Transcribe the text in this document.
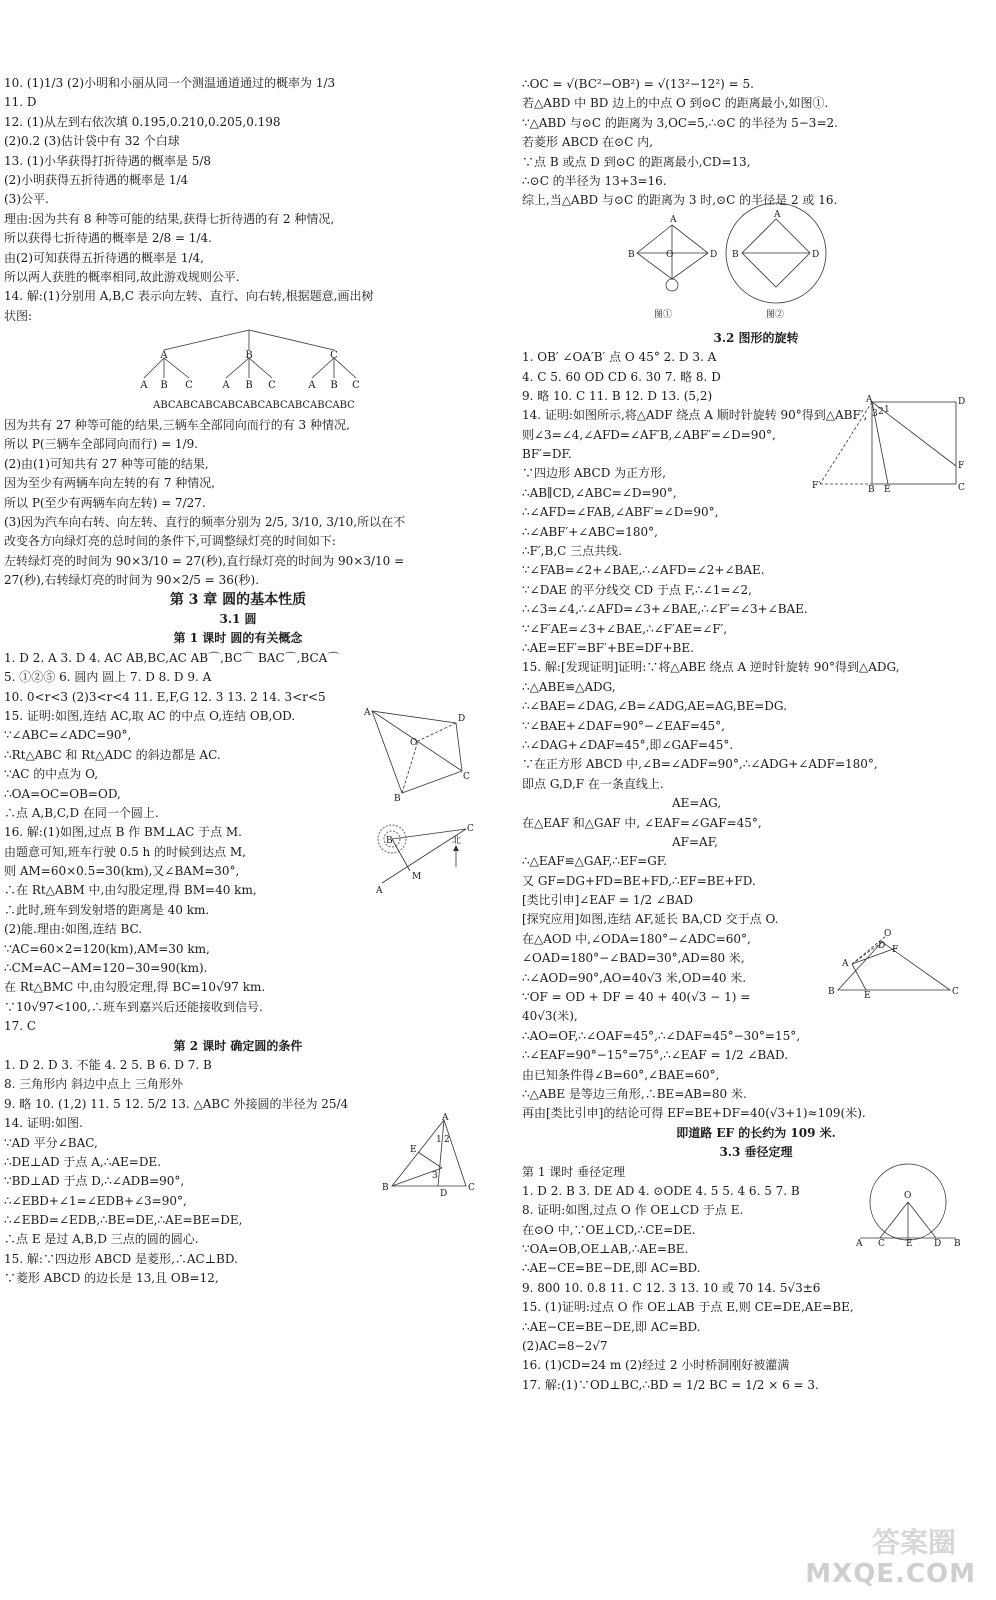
10. (1)1/3 (2)小明和小丽从同一个测温通道通过的概率为 1/3
11. D
12. (1)从左到右依次填 0.195,0.210,0.205,0.198
(2)0.2 (3)估计袋中有 32 个白球
13. (1)小华获得打折待遇的概率是 5/8
(2)小明获得五折待遇的概率是 1/4
(3)公平.
理由:因为共有 8 种等可能的结果,获得七折待遇的有 2 种情况,
所以获得七折待遇的概率是 2/8 = 1/4.
由(2)可知获得五折待遇的概率是 1/4,
所以两人获胜的概率相同,故此游戏规则公平.
14. 解:(1)分别用 A,B,C 表示向左转、直行、向右转,根据题意,画出树
状图:
A	B	C
A B C	A B C	A B C
ABCABCABCABCABCABCABCABCABC
因为共有 27 种等可能的结果,三辆车全部同向而行的有 3 种情况,
所以 P(三辆车全部同向而行) = 1/9.
(2)由(1)可知共有 27 种等可能的结果,
因为至少有两辆车向左转的有 7 种情况,
所以 P(至少有两辆车向左转) = 7/27.
(3)因为汽车向右转、向左转、直行的频率分别为 2/5, 3/10, 3/10,所以在不
改变各方向绿灯亮的总时间的条件下,可调整绿灯亮的时间如下:
左转绿灯亮的时间为 90×3/10 = 27(秒),直行绿灯亮的时间为 90×3/10 =
27(秒),右转绿灯亮的时间为 90×2/5 = 36(秒).
第 3 章 圆的基本性质
3.1 圆
第 1 课时 圆的有关概念
1. D 2. A 3. D 4. AC AB,BC,AC AB⌒,BC⌒ BAC⌒,BCA⌒
5. ①②⑤ 6. 圆内 圆上 7. D 8. D 9. A
10. 0<r<3 (2)3<r<4 11. E,F,G 12. 3 13. 2 14. 3<r<5
15. 证明:如图,连结 AC,取 AC 的中点 O,连结 OB,OD.
∵∠ABC=∠ADC=90°,
∴Rt△ABC 和 Rt△ADC 的斜边都是 AC.
∵AC 的中点为 O,
∴OA=OC=OB=OD,
∴点 A,B,C,D 在同一个圆上.
A
D
C
B
O
16. 解:(1)如图,过点 B 作 BM⊥AC 于点 M.
由题意可知,班车行驶 0.5 h 的时候到达点 M,
则 AM=60×0.5=30(km),又∠BAM=30°,
∴在 Rt△ABM 中,由勾股定理,得 BM=40 km,
∴此时,班车到发射塔的距离是 40 km.
(2)能.理由:如图,连结 BC.
∵AC=60×2=120(km),AM=30 km,
∴CM=AC−AM=120−30=90(km).
在 Rt△BMC 中,由勾股定理,得 BC=10√97 km.
∵10√97<100,∴班车到嘉兴后还能接收到信号.
B
C
A
M
北
17. C
第 2 课时 确定圆的条件
1. D 2. D 3. 不能 4. 2 5. B 6. D 7. B
8. 三角形内 斜边中点上 三角形外
9. 略 10. (1,2) 11. 5 12. 5/2 13. △ABC 外接圆的半径为 25/4
14. 证明:如图.
∵AD 平分∠BAC,
∴DE⊥AD 于点 A,∴AE=DE.
∵BD⊥AD 于点 D,∴∠ADB=90°,
∴∠EBD+∠1=∠EDB+∠3=90°,
∴∠EBD=∠EDB,∴BE=DE,∴AE=BE=DE,
∴点 E 是过 A,B,D 三点的圆的圆心.
A
B	C
E
D
1 2
3
15. 解:∵四边形 ABCD 是菱形,∴AC⊥BD.
∵菱形 ABCD 的边长是 13,且 OB=12,
∴OC = √(BC²−OB²) = √(13²−12²) = 5.
若△ABD 中 BD 边上的中点 O 到⊙C 的距离最小,如图①.
∵△ABD 与⊙C 的距离为 3,OC=5,∴⊙C 的半径为 5−3=2.
若菱形 ABCD 在⊙C 内,
∵点 B 或点 D 到⊙C 的距离最小,CD=13,
∴⊙C 的半径为 13+3=16.
综上,当△ABD 与⊙C 的距离为 3 时,⊙C 的半径是 2 或 16.
A
B	D
O
A
B	D
图①	图②
3.2 图形的旋转
1. OB′ ∠OA′B′ 点 O 45° 2. D 3. A
4. C 5. 60 OD CD 6. 30 7. 略 8. D
9. 略 10. C 11. B 12. D 13. (5,2)
14. 证明:如图所示,将△ADF 绕点 A 顺时针旋转 90°得到△ABF′,
则∠3=∠4,∠AFD=∠AF′B,∠ABF′=∠D=90°,
BF′=DF.
∵四边形 ABCD 为正方形,
∴AB∥CD,∠ABC=∠D=90°,
∴∠AFD=∠FAB,∠ABF′=∠D=90°,
∴∠ABF′+∠ABC=180°,
∴F′,B,C 三点共线.
A	D
C
B E
F′
F
3 2 1
∵∠FAB=∠2+∠BAE,∴∠AFD=∠2+∠BAE.
∵∠DAE 的平分线交 CD 于点 F,∴∠1=∠2,
∴∠3=∠4,∴∠AFD=∠3+∠BAE,∴∠F′=∠3+∠BAE.
∵∠F′AE=∠3+∠BAE,∴∠F′AE=∠F′,
∴AE=EF′=BF′+BE=DF+BE.
15. 解:[发现证明]证明:∵将△ABE 绕点 A 逆时针旋转 90°得到△ADG,
∴△ABE≌△ADG,
∴∠BAE=∠DAG,∠B=∠ADG,AE=AG,BE=DG.
∵∠BAE+∠DAF=90°−∠EAF=45°,
∴∠DAG+∠DAF=45°,即∠GAF=45°.
∵在正方形 ABCD 中,∠B=∠ADF=90°,∴∠ADG+∠ADF=180°,
即点 G,D,F 在一条直线上.
AE=AG,
在△EAF 和△GAF 中, ∠EAF=∠GAF=45°,
AF=AF,
∴△EAF≌△GAF,∴EF=GF.
又 GF=DG+FD=BE+FD,∴EF=BE+FD.
[类比引申]∠EAF = 1/2 ∠BAD
[探究应用]如图,连结 AF,延长 BA,CD 交于点 O.
在△AOD 中,∠ODA=180°−∠ADC=60°,
∠OAD=180°−∠BAD=30°,AD=80 米,
∴∠AOD=90°,AO=40√3 米,OD=40 米.
∵OF = OD + DF = 40 + 40(√3 − 1) =
40√3(米),
B	C
A
E
O
F
D
∴AO=OF,∴∠OAF=45°,∴∠DAF=45°−30°=15°,
∴∠EAF=90°−15°=75°,∴∠EAF = 1/2 ∠BAD.
由已知条件得∠B=60°,∠BAE=60°,
∴△ABE 是等边三角形,∴BE=AB=80 米.
再由[类比引申]的结论可得 EF=BE+DF=40(√3+1)≈109(米).
即道路 EF 的长约为 109 米.
3.3 垂径定理
第 1 课时 垂径定理
1. D 2. B 3. DE AD 4. ⊙ODE 4. 5 5. 4 6. 5 7. B
8. 证明:如图,过点 O 作 OE⊥CD 于点 E.
在⊙O 中,∵OE⊥CD,∴CE=DE.
∵OA=OB,OE⊥AB,∴AE=BE.
O
A C E D B
∴AE−CE=BE−DE,即 AC=BD.
9. 800 10. 0.8 11. C 12. 3 13. 10 或 70 14. 5√3±6
15. (1)证明:过点 O 作 OE⊥AB 于点 E,则 CE=DE,AE=BE,
∴AE−CE=BE−DE,即 AC=BD.
(2)AC=8−2√7
16. (1)CD=24 m (2)经过 2 小时桥洞刚好被灌满
17. 解:(1)∵OD⊥BC,∴BD = 1/2 BC = 1/2 × 6 = 3.
答案圈
MXQE.COM
